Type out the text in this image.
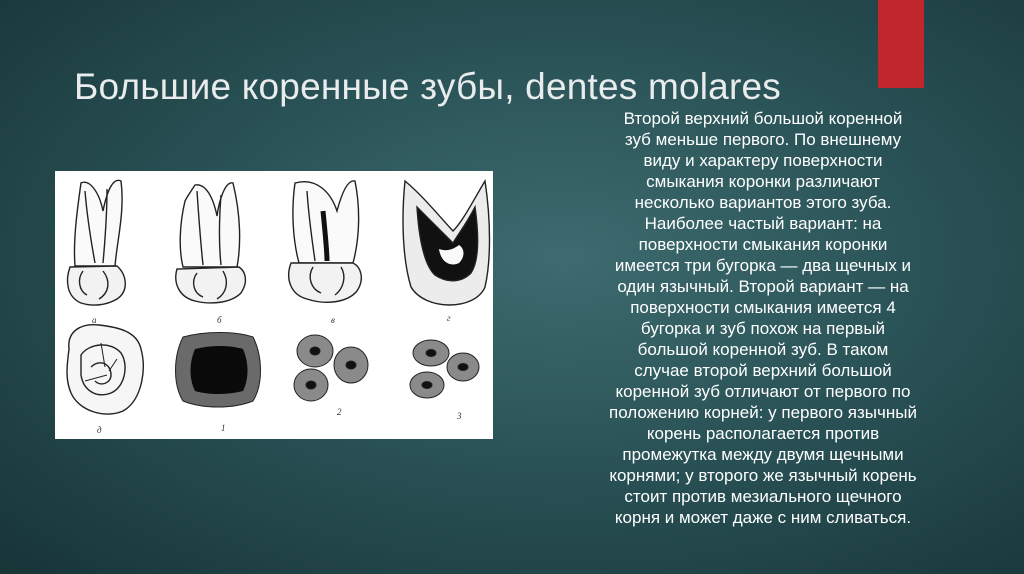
Большие коренные зубы, dentes molares
а	б	в	г
д	1
2	3
Второй верхний большой коренной
зуб меньше первого. По внешнему
виду и характеру поверхности
смыкания коронки различают
несколько вариантов этого зуба.
Наиболее частый вариант: на
поверхности смыкания коронки
имеется три бугорка — два щечных и
один язычный. Второй вариант — на
поверхности смыкания имеется 4
бугорка и зуб похож на первый
большой коренной зуб. В таком
случае второй верхний большой
коренной зуб отличают от первого по
положению корней: у первого язычный
корень располагается против
промежутка между двумя щечными
корнями; у второго же язычный корень
стоит против мезиального щечного
корня и может даже с ним сливаться.
